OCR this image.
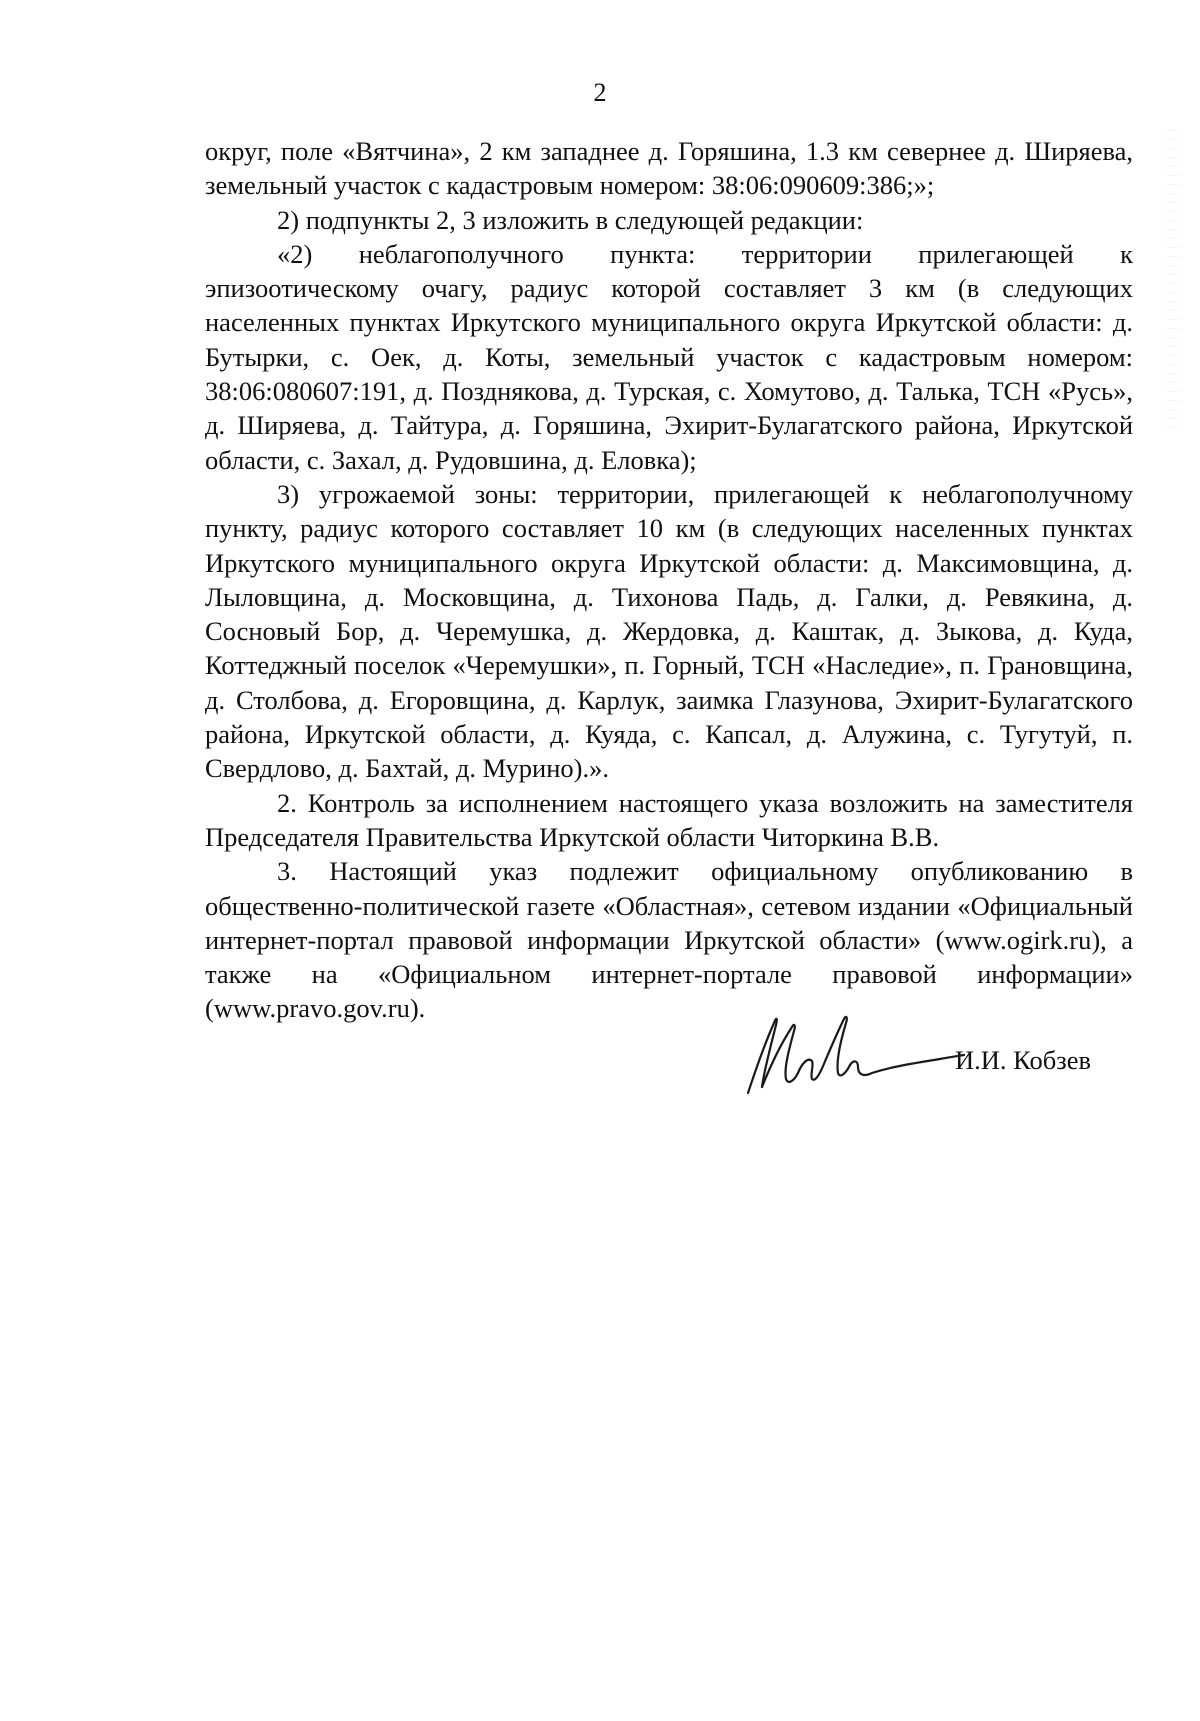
2

округ, поле «Вятчина», 2 км западнее д. Горяшина, 1.3 км севернее д. Ширяева, земельный участок с кадастровым номером: 38:06:090609:386;»;

2) подпункты 2, 3 изложить в следующей редакции:

«2) неблагополучного пункта: территории прилегающей к эпизоотическому очагу, радиус которой составляет 3 км (в следующих населенных пунктах Иркутского муниципального округа Иркутской области: д. Бутырки, с. Оек, д. Коты, земельный участок с кадастровым номером: 38:06:080607:191, д. Позднякова, д. Турская, с. Хомутово, д. Талька, ТСН «Русь», д. Ширяева, д. Тайтура, д. Горяшина, Эхирит-Булагатского района, Иркутской области, с. Захал, д. Рудовшина, д. Еловка);

3) угрожаемой зоны: территории, прилегающей к неблагополучному пункту, радиус которого составляет 10 км (в следующих населенных пунктах Иркутского муниципального округа Иркутской области: д. Максимовщина, д. Лыловщина, д. Московщина, д. Тихонова Падь, д. Галки, д. Ревякина, д. Сосновый Бор, д. Черемушка, д. Жердовка, д. Каштак, д. Зыкова, д. Куда, Коттеджный поселок «Черемушки», п. Горный, ТСН «Наследие», п. Грановщина, д. Столбова, д. Егоровщина, д. Карлук, заимка Глазунова, Эхирит-Булагатского района, Иркутской области, д. Куяда, с. Капсал, д. Алужина, с. Тугутуй, п. Свердлово, д. Бахтай, д. Мурино).».

2. Контроль за исполнением настоящего указа возложить на заместителя Председателя Правительства Иркутской области Читоркина В.В.

3. Настоящий указ подлежит официальному опубликованию в общественно-политической газете «Областная», сетевом издании «Официальный интернет-портал правовой информации Иркутской области» (www.ogirk.ru), а также на «Официальном интернет-портале правовой информации» (www.pravo.gov.ru).

И.И. Кобзев
